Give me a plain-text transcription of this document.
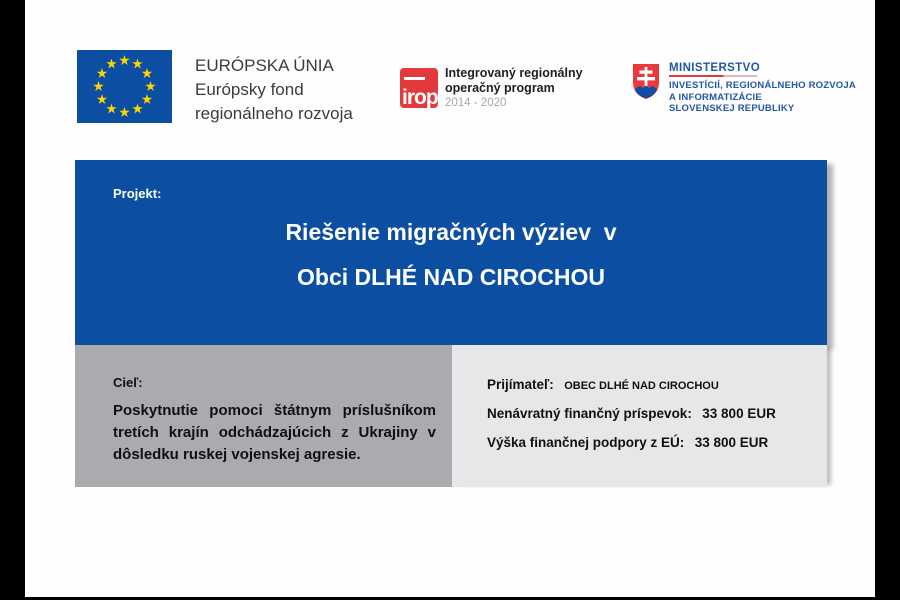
EURÓPSKA ÚNIA
Európsky fond
regionálneho rozvoja
irop
Integrovaný regionálny
operačný program
2014 - 2020
MINISTERSTVO
INVESTÍCIÍ, REGIONÁLNEHO ROZVOJA
A INFORMATIZÁCIE
SLOVENSKEJ REPUBLIKY
Projekt:
Riešenie migračných výziev  v
Obci DLHÉ NAD CIROCHOU
Cieľ:
Poskytnutie pomoci štátnym príslušníkom tretích krajín odchádzajúcich z Ukrajiny v dôsledku ruskej vojenskej agresie.
Prijímateľ: OBEC DLHÉ NAD CIROCHOU
Nenávratný finančný príspevok: 33 800 EUR
Výška finančnej podpory z EÚ: 33 800 EUR
